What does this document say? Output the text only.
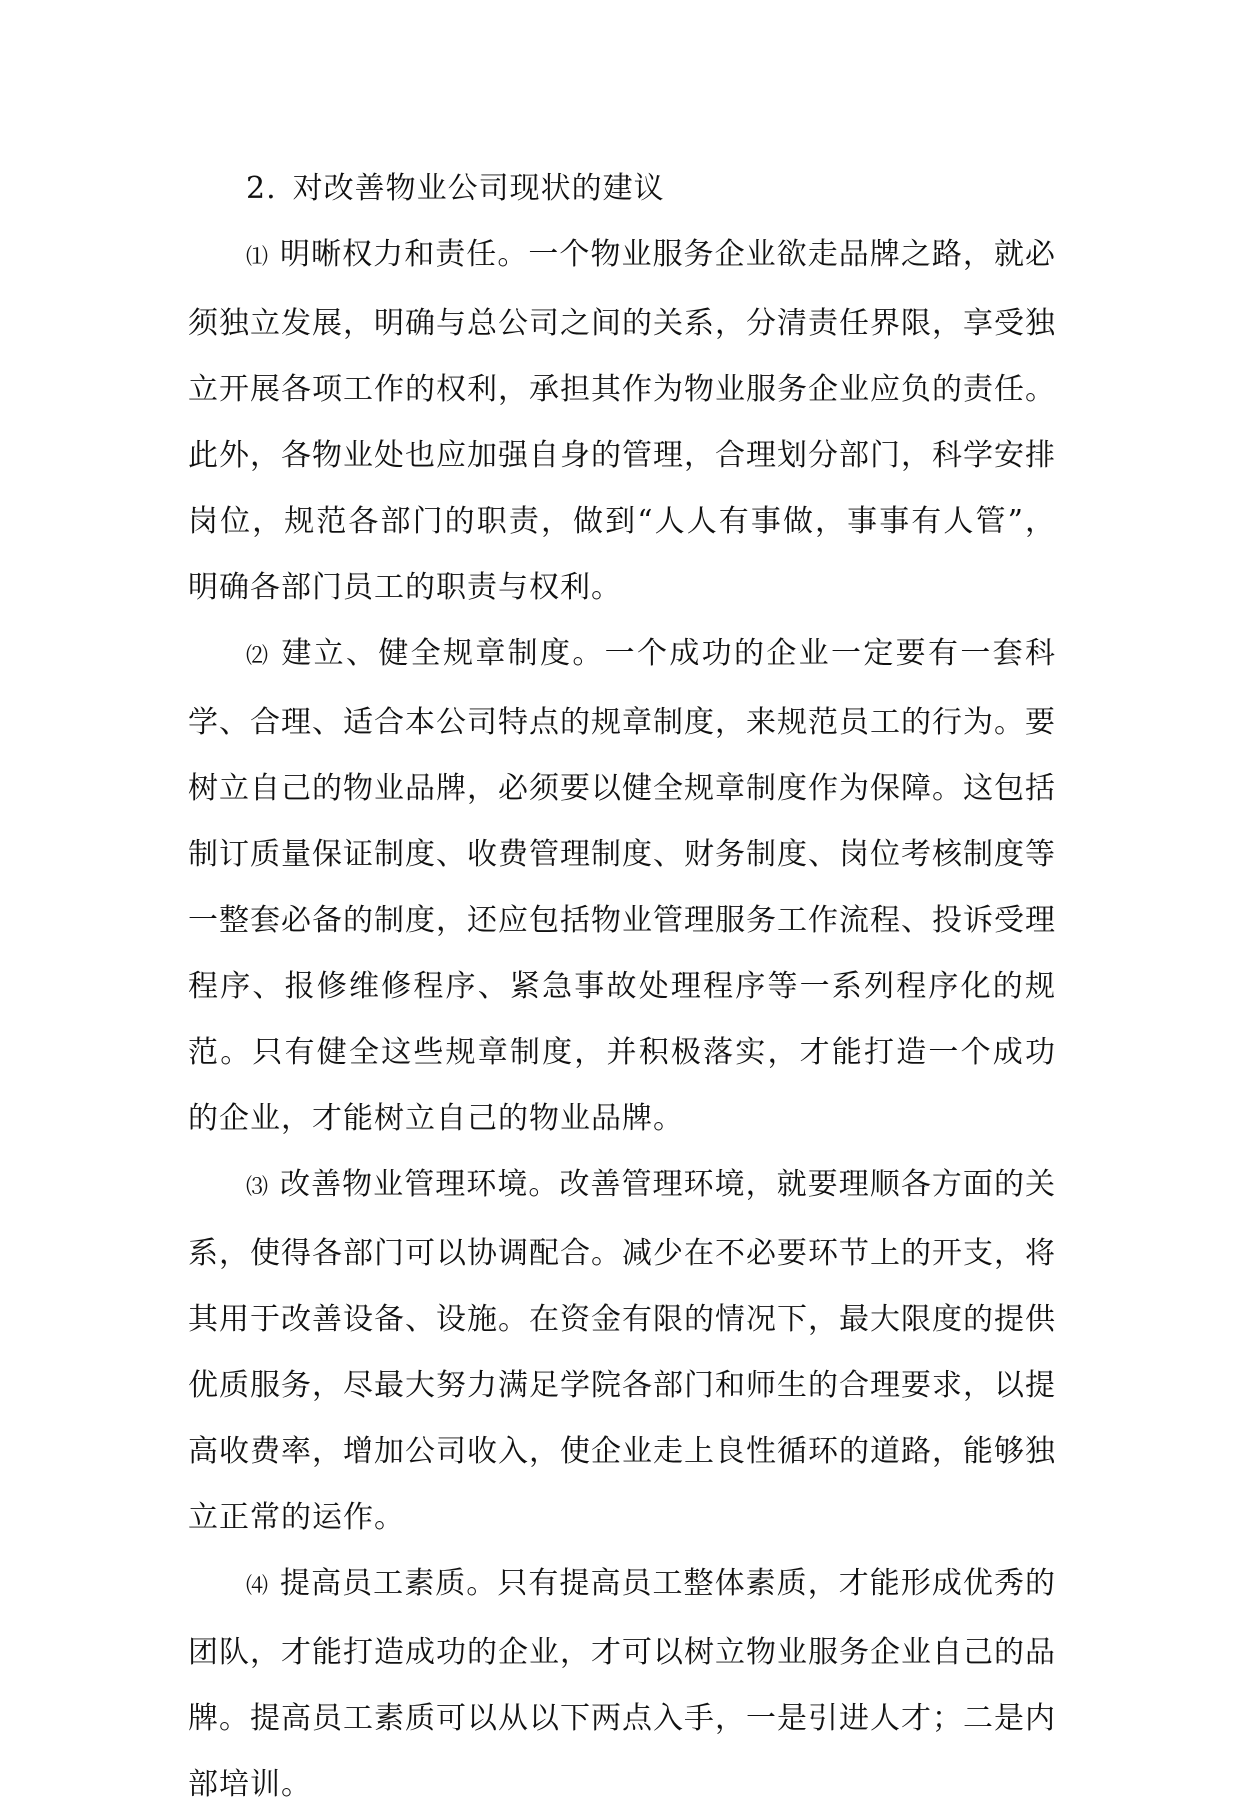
2. 对改善物业公司现状的建议

⑴ 明晰权力和责任。一个物业服务企业欲走品牌之路，就必须独立发展，明确与总公司之间的关系，分清责任界限，享受独立开展各项工作的权利，承担其作为物业服务企业应负的责任。此外，各物业处也应加强自身的管理，合理划分部门，科学安排岗位，规范各部门的职责，做到“人人有事做，事事有人管”，明确各部门员工的职责与权利。

⑵ 建立、健全规章制度。一个成功的企业一定要有一套科学、合理、适合本公司特点的规章制度，来规范员工的行为。要树立自己的物业品牌，必须要以健全规章制度作为保障。这包括制订质量保证制度、收费管理制度、财务制度、岗位考核制度等一整套必备的制度，还应包括物业管理服务工作流程、投诉受理程序、报修维修程序、紧急事故处理程序等一系列程序化的规范。只有健全这些规章制度，并积极落实，才能打造一个成功 的企业，才能树立自己的物业品牌。

⑶ 改善物业管理环境。改善管理环境，就要理顺各方面的关系，使得各部门可以协调配合。减少在不必要环节上的开支，将其用于改善设备、设施。在资金有限的情况下，最大限度的提供优质服务，尽最大努力满足学院各部门和师生的合理要求，以提高收费率，增加公司收入，使企业走上良性循环的道路，能够独立正常的运作。

⑷ 提高员工素质。只有提高员工整体素质，才能形成优秀的团队，才能打造成功的企业，才可以树立物业服务企业自己的品牌。提高员工素质可以从以下两点入手，一是引进人才；二是内部培训。
